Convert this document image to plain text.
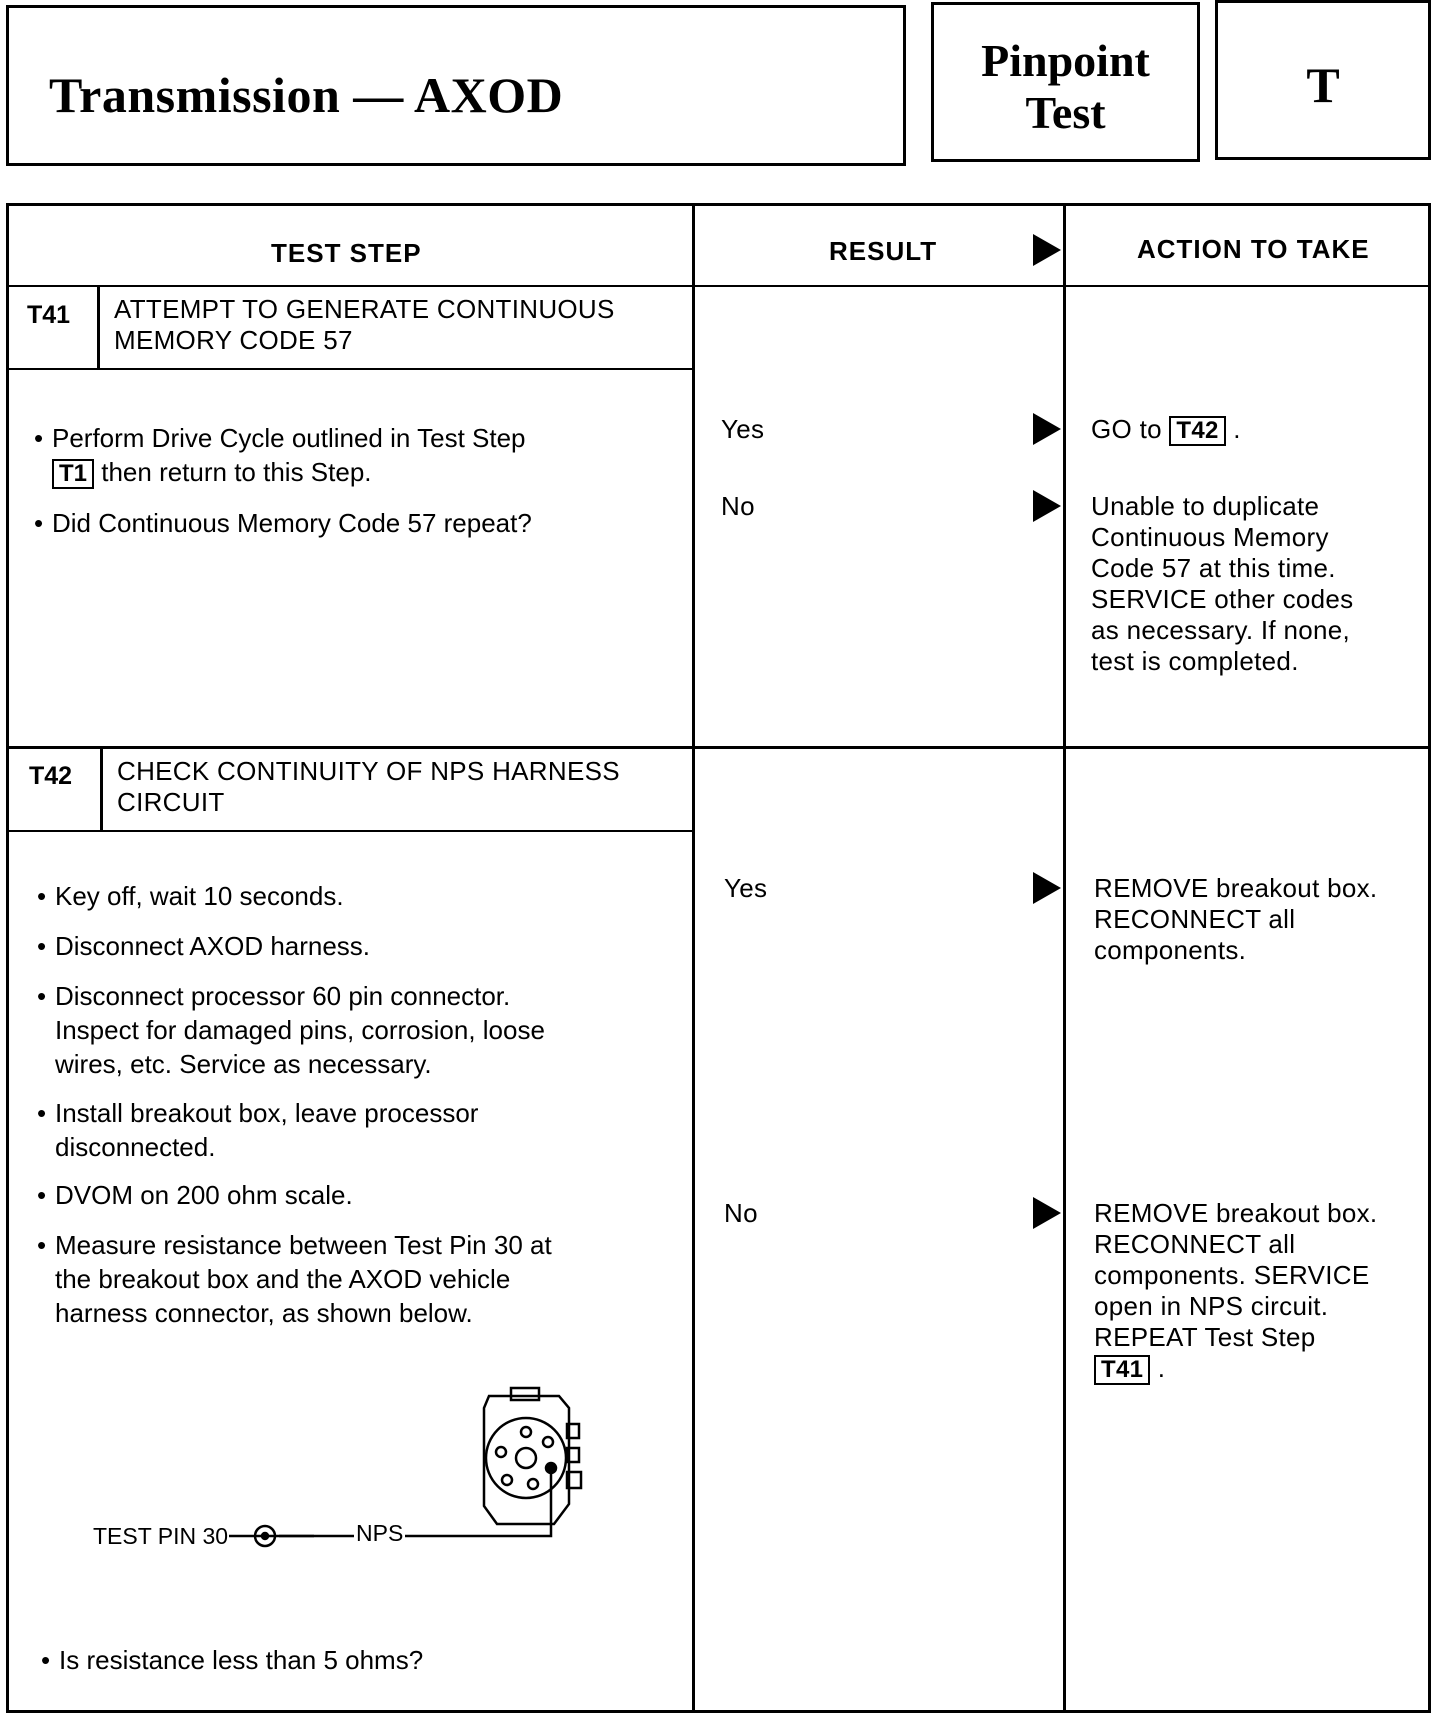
Transmission — AXOD
Pinpoint
Test	T
TEST STEP	RESULT	ACTION TO TAKE
T41 ATTEMPT TO GENERATE CONTINUOUS
MEMORY CODE 57
• Perform Drive Cycle outlined in Test Step
T1 then return to this Step.
• Did Continuous Memory Code 57 repeat?
Yes	GO to T42 .
No	Unable to duplicate
Continuous Memory
Code 57 at this time.
SERVICE other codes
as necessary. If none,
test is completed.
T42 CHECK CONTINUITY OF NPS HARNESS
CIRCUIT
• Key off, wait 10 seconds.
• Disconnect AXOD harness.
• Disconnect processor 60 pin connector.
Inspect for damaged pins, corrosion, loose
wires, etc. Service as necessary.
• Install breakout box, leave processor
disconnected.
• DVOM on 200 ohm scale.
• Measure resistance between Test Pin 30 at
the breakout box and the AXOD vehicle
harness connector, as shown below.
TEST PIN 30	NPS
• Is resistance less than 5 ohms?
Yes	REMOVE breakout box.
RECONNECT all
components.
No	REMOVE breakout box.
RECONNECT all
components. SERVICE
open in NPS circuit.
REPEAT Test Step
T41 .
